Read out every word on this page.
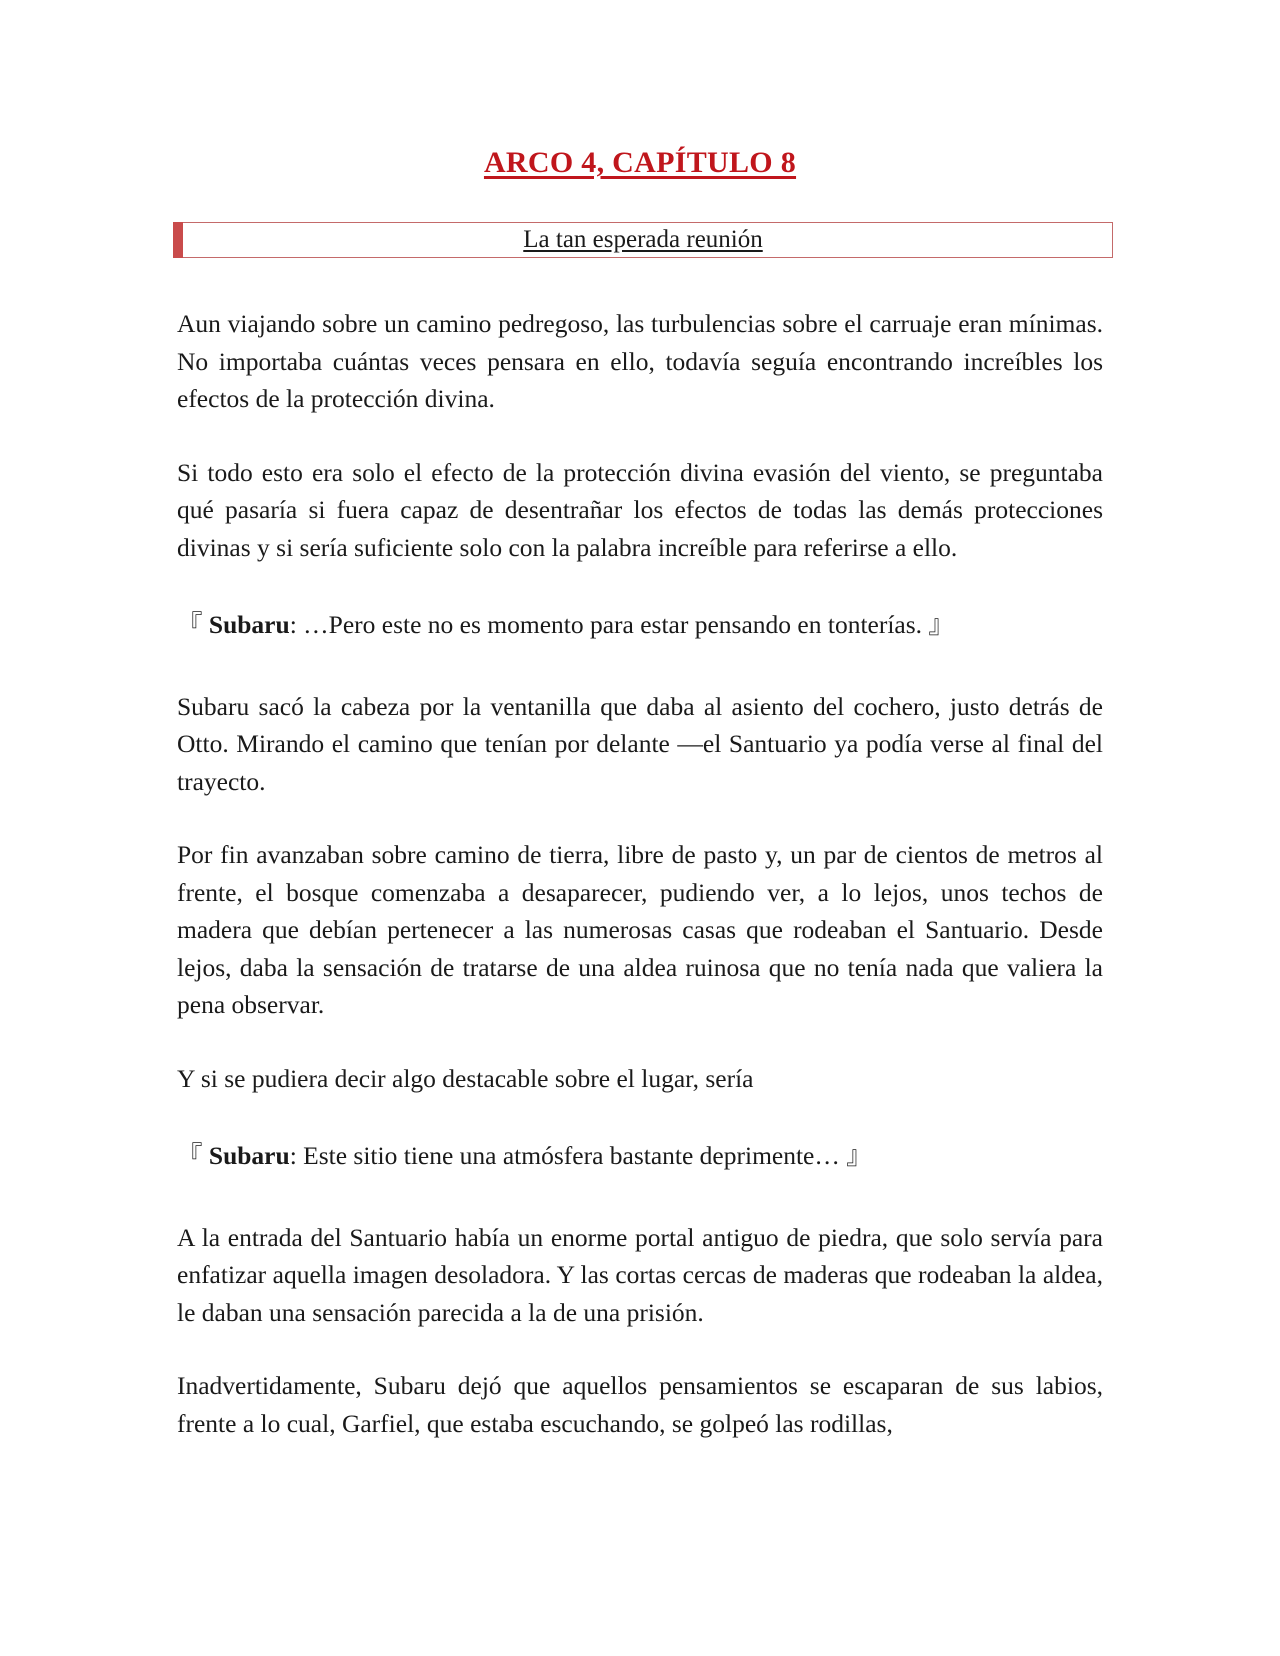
ARCO 4, CAPÍTULO 8
La tan esperada reunión

Aun viajando sobre un camino pedregoso, las turbulencias sobre el carruaje eran mínimas. No importaba cuántas veces pensara en ello, todavía seguía encontrando increíbles los efectos de la protección divina.

Si todo esto era solo el efecto de la protección divina evasión del viento, se preguntaba qué pasaría si fuera capaz de desentrañar los efectos de todas las demás protecciones divinas y si sería suficiente solo con la palabra increíble para referirse a ello.

『 Subaru: …Pero este no es momento para estar pensando en tonterías. 』

Subaru sacó la cabeza por la ventanilla que daba al asiento del cochero, justo detrás de Otto. Mirando el camino que tenían por delante —el Santuario ya podía verse al final del trayecto.

Por fin avanzaban sobre camino de tierra, libre de pasto y, un par de cientos de metros al frente, el bosque comenzaba a desaparecer, pudiendo ver, a lo lejos, unos techos de madera que debían pertenecer a las numerosas casas que rodeaban el Santuario. Desde lejos, daba la sensación de tratarse de una aldea ruinosa que no tenía nada que valiera la pena observar.

Y si se pudiera decir algo destacable sobre el lugar, sería

『 Subaru: Este sitio tiene una atmósfera bastante deprimente… 』

A la entrada del Santuario había un enorme portal antiguo de piedra, que solo servía para enfatizar aquella imagen desoladora. Y las cortas cercas de maderas que rodeaban la aldea, le daban una sensación parecida a la de una prisión.

Inadvertidamente, Subaru dejó que aquellos pensamientos se escaparan de sus labios, frente a lo cual, Garfiel, que estaba escuchando, se golpeó las rodillas,
